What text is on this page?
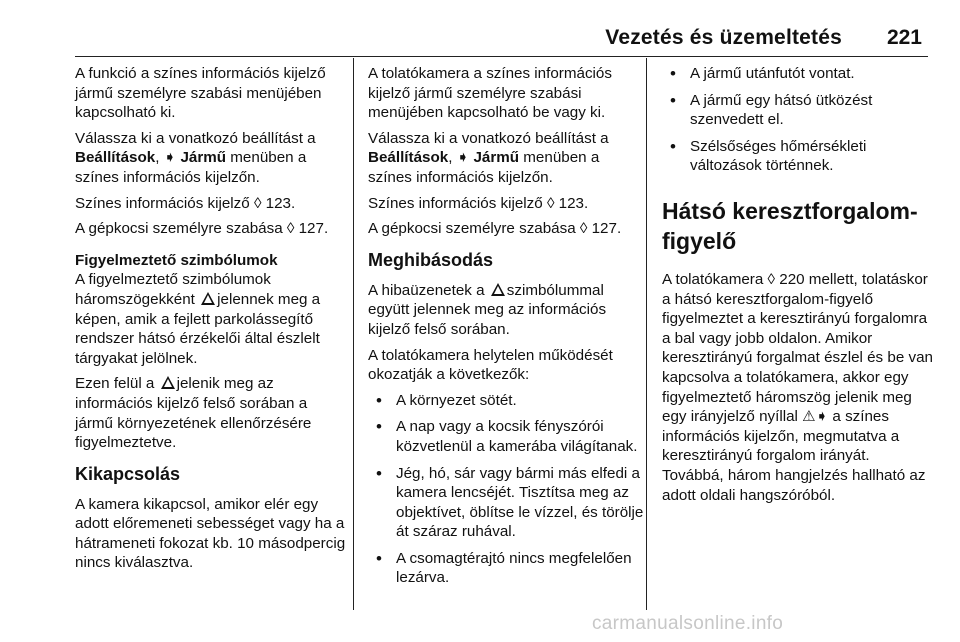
Vezetés és üzemeltetés 221

A funkció a színes információs kijelző jármű személyre szabási menüjében kapcsolható ki.

Válassza ki a vonatkozó beállítást a Beállítások, ➧ Jármű menüben a színes információs kijelzőn.

Színes információs kijelző ◊ 123.

A gépkocsi személyre szabása ◊ 127.

Figyelmeztető szimbólumok

A figyelmeztető szimbólumok háromszögekként jelennek meg a képen, amik a fejlett parkolássegítő rendszer hátsó érzékelői által észlelt tárgyakat jelölnek.

Ezen felül a jelenik meg az információs kijelző felső sorában a jármű környezetének ellenőrzésére figyelmeztetve.

Kikapcsolás

A kamera kikapcsol, amikor elér egy adott előremeneti sebességet vagy ha a hátrameneti fokozat kb. 10 másodpercig nincs kiválasztva.

A tolatókamera a színes információs kijelző jármű személyre szabási menüjében kapcsolható be vagy ki.

Válassza ki a vonatkozó beállítást a Beállítások, ➧ Jármű menüben a színes információs kijelzőn.

Színes információs kijelző ◊ 123.

A gépkocsi személyre szabása ◊ 127.

Meghibásodás

A hibaüzenetek a szimbólummal együtt jelennek meg az információs kijelző felső sorában.

A tolatókamera helytelen működését okozatják a következők:

• A környezet sötét.
• A nap vagy a kocsik fényszórói közvetlenül a kamerába világítanak.
• Jég, hó, sár vagy bármi más elfedi a kamera lencséjét. Tisztítsa meg az objektívet, öblítse le vízzel, és törölje át száraz ruhával.
• A csomagtérajtó nincs megfelelően lezárva.
• A jármű utánfutót vontat.
• A jármű egy hátsó ütközést szenvedett el.
• Szélsőséges hőmérsékleti változások történnek.
Hátsó keresztforgalom-figyelő

A tolatókamera ◊ 220 mellett, tolatáskor a hátsó keresztforgalom-figyelő figyelmeztet a keresztirányú forgalomra a bal vagy jobb oldalon. Amikor keresztirányú forgalmat észlel és be van kapcsolva a tolatókamera, akkor egy figyelmeztető háromszög jelenik meg egy irányjelző nyíllal ⚠➧ a színes információs kijelzőn, megmutatva a keresztirányú forgalom irányát. Továbbá, három hangjelzés hallható az adott oldali hangszóróból.

carmanualsonline.info
